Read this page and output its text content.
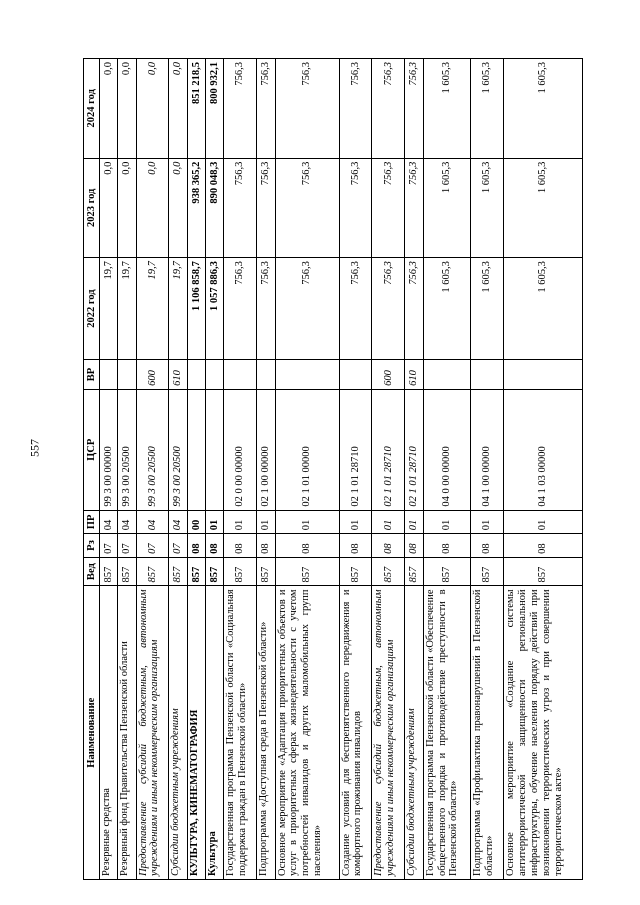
557
Наименование	Вед	Рз	ПР	ЦСР	ВР	2022 год	2023 год	2024 год
Резервные средства	857	07	04	99 3 00 00000		19,7	0,0	0,0
Резервный фонд Правительства Пензенской области	857	07	04	99 3 00 20500		19,7	0,0	0,0
Предоставление субсидий бюджетным, автономным учреждениям и иным некоммерческим организациям	857	07	04	99 3 00 20500	600	19,7	0,0	0,0
Субсидии бюджетным учреждениям	857	07	04	99 3 00 20500	610	19,7	0,0	0,0
КУЛЬТУРА, КИНЕМАТОГРАФИЯ	857	08	00			1 106 858,7	938 365,2	851 218,5
Культура	857	08	01			1 057 886,3	890 048,3	800 932,1
Государственная программа Пензенской области «Социальная поддержка граждан в Пензенской области»	857	08	01	02 0 00 00000		756,3	756,3	756,3
Подпрограмма «Доступная среда в Пензенской области»	857	08	01	02 1 00 00000		756,3	756,3	756,3
Основное мероприятие «Адаптация приоритетных объектов и услуг в приоритетных сферах жизнедеятельности с учетом потребностей инвалидов и других маломобильных групп населения»	857	08	01	02 1 01 00000		756,3	756,3	756,3
Создание условий для беспрепятственного передвижения и комфортного проживания инвалидов	857	08	01	02 1 01 28710		756,3	756,3	756,3
Предоставление субсидий бюджетным, автономным учреждениям и иным некоммерческим организациям	857	08	01	02 1 01 28710	600	756,3	756,3	756,3
Субсидии бюджетным учреждениям	857	08	01	02 1 01 28710	610	756,3	756,3	756,3
Государственная программа Пензенской области «Обеспечение общественного порядка и противодействие преступности в Пензенской области»	857	08	01	04 0 00 00000		1 605,3	1 605,3	1 605,3
Подпрограмма «Профилактика правонарушений в Пензенской области»	857	08	01	04 1 00 00000		1 605,3	1 605,3	1 605,3
Основное мероприятие «Создание системы антитеррористической защищенности региональной инфраструктуры, обучение населения порядку действий при возникновении террористических угроз и при совершении террористическом акте»	857	08	01	04 1 03 00000		1 605,3	1 605,3	1 605,3
